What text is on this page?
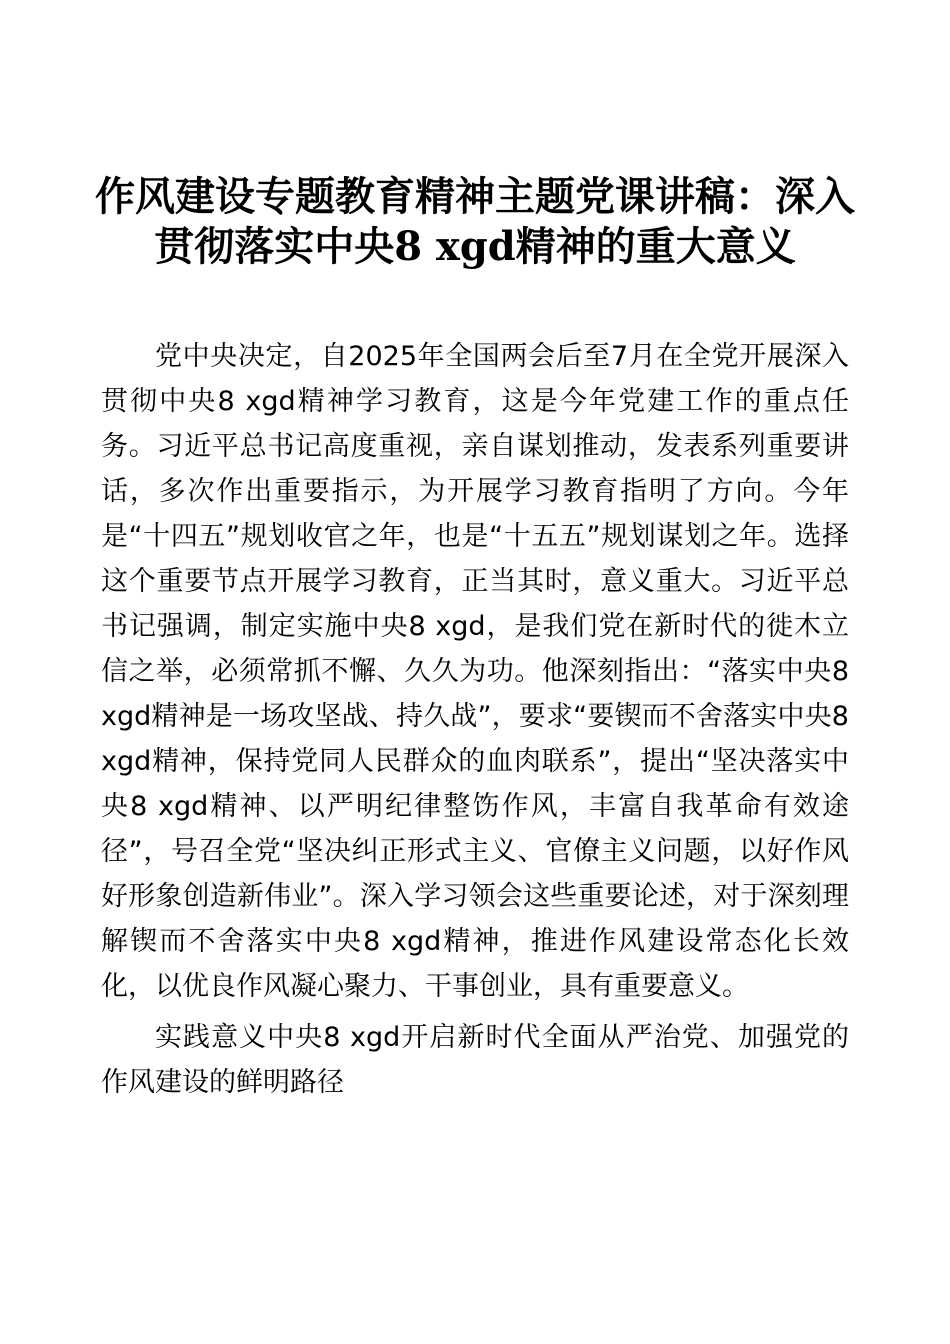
作风建设专题教育精神主题党课讲稿：深入贯彻落实中央8 xgd精神的重大意义

党中央决定，自2025年全国两会后至7月在全党开展深入贯彻中央8 xgd精神学习教育，这是今年党建工作的重点任务。习近平总书记高度重视，亲自谋划推动，发表系列重要讲话，多次作出重要指示，为开展学习教育指明了方向。今年是“十四五”规划收官之年，也是“十五五”规划谋划之年。选择这个重要节点开展学习教育，正当其时，意义重大。习近平总书记强调，制定实施中央8 xgd，是我们党在新时代的徙木立信之举，必须常抓不懈、久久为功。他深刻指出：“落实中央8 xgd精神是一场攻坚战、持久战”，要求“要锲而不舍落实中央8 xgd精神，保持党同人民群众的血肉联系”，提出“坚决落实中央8 xgd精神、以严明纪律整饬作风，丰富自我革命有效途径”，号召全党“坚决纠正形式主义、官僚主义问题，以好作风好形象创造新伟业”。深入学习领会这些重要论述，对于深刻理解锲而不舍落实中央8 xgd精神，推进作风建设常态化长效化，以优良作风凝心聚力、干事创业，具有重要意义。

实践意义中央8 xgd开启新时代全面从严治党、加强党的作风建设的鲜明路径
